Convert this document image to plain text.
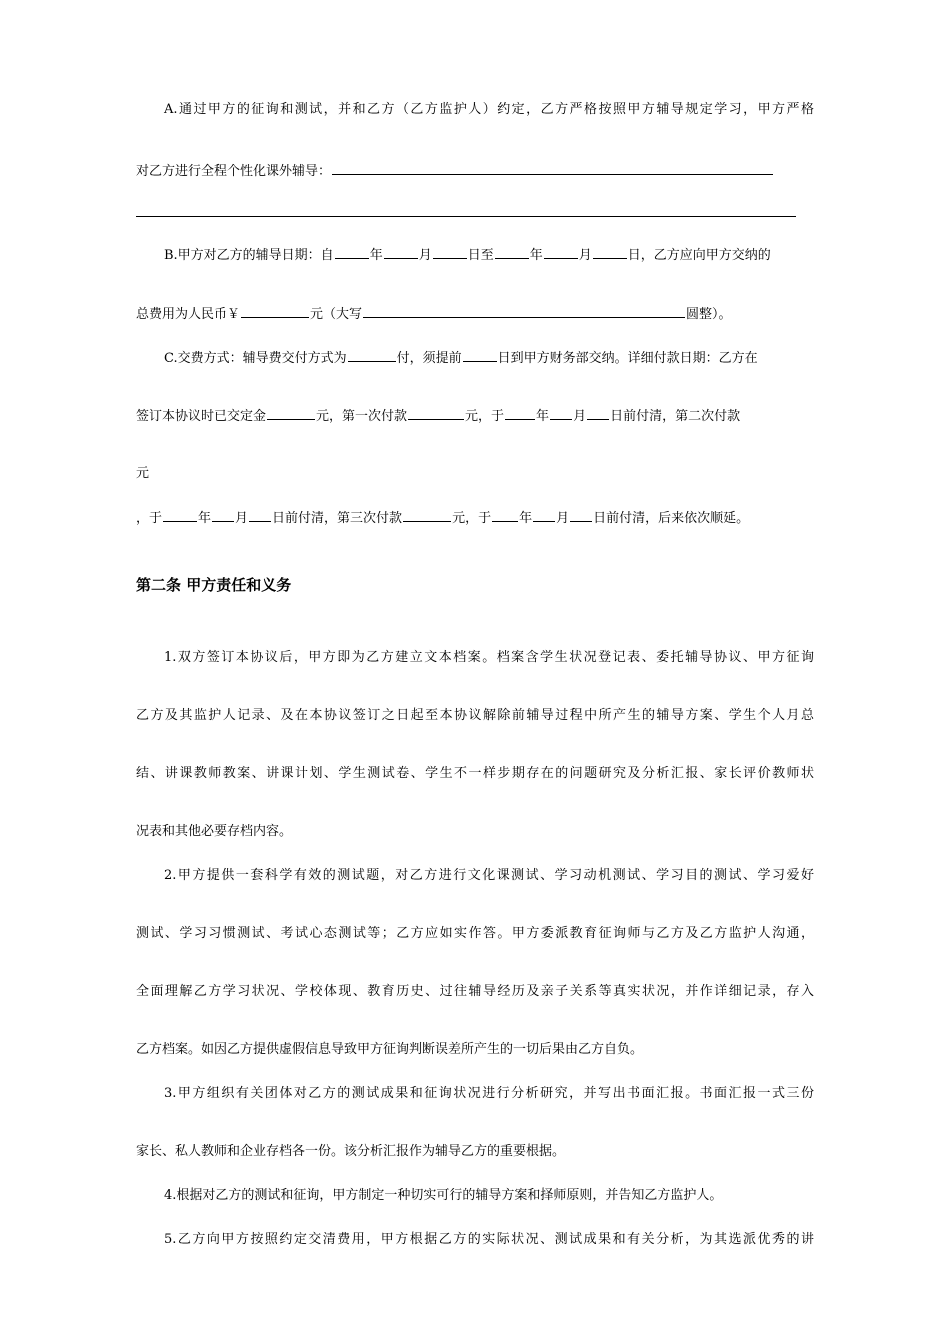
A.通过甲方的征询和测试，并和乙方（乙方监护人）约定，乙方严格按照甲方辅导规定学习，甲方严格
对乙方进行全程个性化课外辅导：
B.甲方对乙方的辅导日期：自	年	月	日至	年	月	日，乙方应向甲方交纳的
总费用为人民币￥	元（大写	圆整）。
C.交费方式：辅导费交付方式为	付，须提前	日到甲方财务部交纳。详细付款日期：乙方在
签订本协议时已交定金	元，第一次付款	元，于 年 月 日前付清，第二次付款
元
，于	年 月 日前付清，第三次付款	元，于 年 月 日前付清，后来依次顺延。
第二条 甲方责任和义务
1.双方签订本协议后，甲方即为乙方建立文本档案。档案含学生状况登记表、委托辅导协议、甲方征询
乙方及其监护人记录、及在本协议签订之日起至本协议解除前辅导过程中所产生的辅导方案、学生个人月总
结、讲课教师教案、讲课计划、学生测试卷、学生不一样步期存在的问题研究及分析汇报、家长评价教师状
况表和其他必要存档内容。
2.甲方提供一套科学有效的测试题，对乙方进行文化课测试、学习动机测试、学习目的测试、学习爱好
测试、学习习惯测试、考试心态测试等；乙方应如实作答。甲方委派教育征询师与乙方及乙方监护人沟通，
全面理解乙方学习状况、学校体现、教育历史、过往辅导经历及亲子关系等真实状况，并作详细记录，存入
乙方档案。如因乙方提供虚假信息导致甲方征询判断误差所产生的一切后果由乙方自负。
3.甲方组织有关团体对乙方的测试成果和征询状况进行分析研究，并写出书面汇报。书面汇报一式三份
家长、私人教师和企业存档各一份。该分析汇报作为辅导乙方的重要根据。
4.根据对乙方的测试和征询，甲方制定一种切实可行的辅导方案和择师原则，并告知乙方监护人。
5.乙方向甲方按照约定交清费用，甲方根据乙方的实际状况、测试成果和有关分析，为其选派优秀的讲
